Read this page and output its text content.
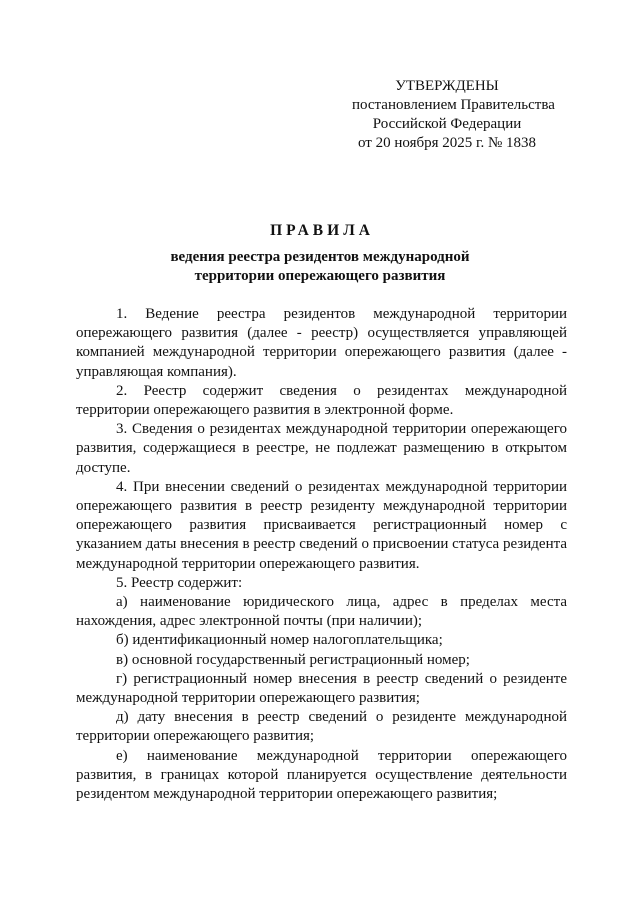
УТВЕРЖДЕНЫ
постановлением Правительства
Российской Федерации
от 20 ноября 2025 г. № 1838
ПРАВИЛА
ведения реестра резидентов международной
территории опережающего развития

1. Ведение реестра резидентов международной территории опережающего развития (далее - реестр) осуществляется управляющей компанией международной территории опережающего развития (далее - управляющая компания).

2. Реестр содержит сведения о резидентах международной территории опережающего развития в электронной форме.

3. Сведения о резидентах международной территории опережающего развития, содержащиеся в реестре, не подлежат размещению в открытом доступе.

4. При внесении сведений о резидентах международной территории опережающего развития в реестр резиденту международной территории опережающего развития присваивается регистрационный номер с указанием даты внесения в реестр сведений о присвоении статуса резидента международной территории опережающего развития.

5. Реестр содержит:

а) наименование юридического лица, адрес в пределах места нахождения, адрес электронной почты (при наличии);

б) идентификационный номер налогоплательщика;

в) основной государственный регистрационный номер;

г) регистрационный номер внесения в реестр сведений о резиденте международной территории опережающего развития;

д) дату внесения в реестр сведений о резиденте международной территории опережающего развития;

е) наименование международной территории опережающего развития, в границах которой планируется осуществление деятельности резидентом международной территории опережающего развития;
